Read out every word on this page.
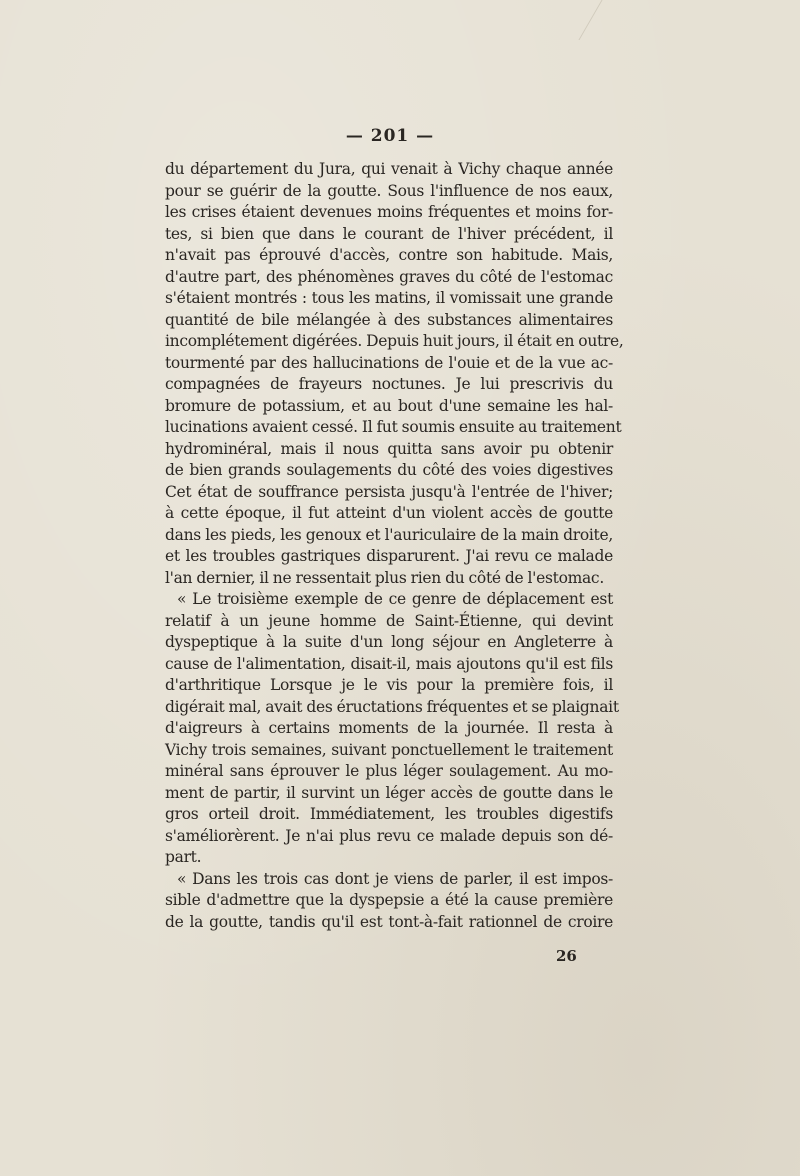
— 201 —
du département du Jura, qui venait à Vichy chaque année
pour se guérir de la goutte. Sous l'influence de nos eaux,
les crises étaient devenues moins fréquentes et moins for-
tes, si bien que dans le courant de l'hiver précédent, il
n'avait pas éprouvé d'accès, contre son habitude. Mais,
d'autre part, des phénomènes graves du côté de l'estomac
s'étaient montrés : tous les matins, il vomissait une grande
quantité de bile mélangée à des substances alimentaires
incomplétement digérées. Depuis huit jours, il était en outre,
tourmenté par des hallucinations de l'ouie et de la vue ac-
compagnées de frayeurs noctunes. Je lui prescrivis du
bromure de potassium, et au bout d'une semaine les hal-
lucinations avaient cessé. Il fut soumis ensuite au traitement
hydrominéral, mais il nous quitta sans avoir pu obtenir
de bien grands soulagements du côté des voies digestives
Cet état de souffrance persista jusqu'à l'entrée de l'hiver;
à cette époque, il fut atteint d'un violent accès de goutte
dans les pieds, les genoux et l'auriculaire de la main droite,
et les troubles gastriques disparurent. J'ai revu ce malade
l'an dernier, il ne ressentait plus rien du côté de l'estomac.
« Le troisième exemple de ce genre de déplacement est
relatif à un jeune homme de Saint-Étienne, qui devint
dyspeptique à la suite d'un long séjour en Angleterre à
cause de l'alimentation, disait-il, mais ajoutons qu'il est fils
d'arthritique Lorsque je le vis pour la première fois, il
digérait mal, avait des éructations fréquentes et se plaignait
d'aigreurs à certains moments de la journée. Il resta à
Vichy trois semaines, suivant ponctuellement le traitement
minéral sans éprouver le plus léger soulagement. Au mo-
ment de partir, il survint un léger accès de goutte dans le
gros orteil droit. Immédiatement, les troubles digestifs
s'améliorèrent. Je n'ai plus revu ce malade depuis son dé-
part.
« Dans les trois cas dont je viens de parler, il est impos-
sible d'admettre que la dyspepsie a été la cause première
de la goutte, tandis qu'il est tont-à-fait rationnel de croire
26
